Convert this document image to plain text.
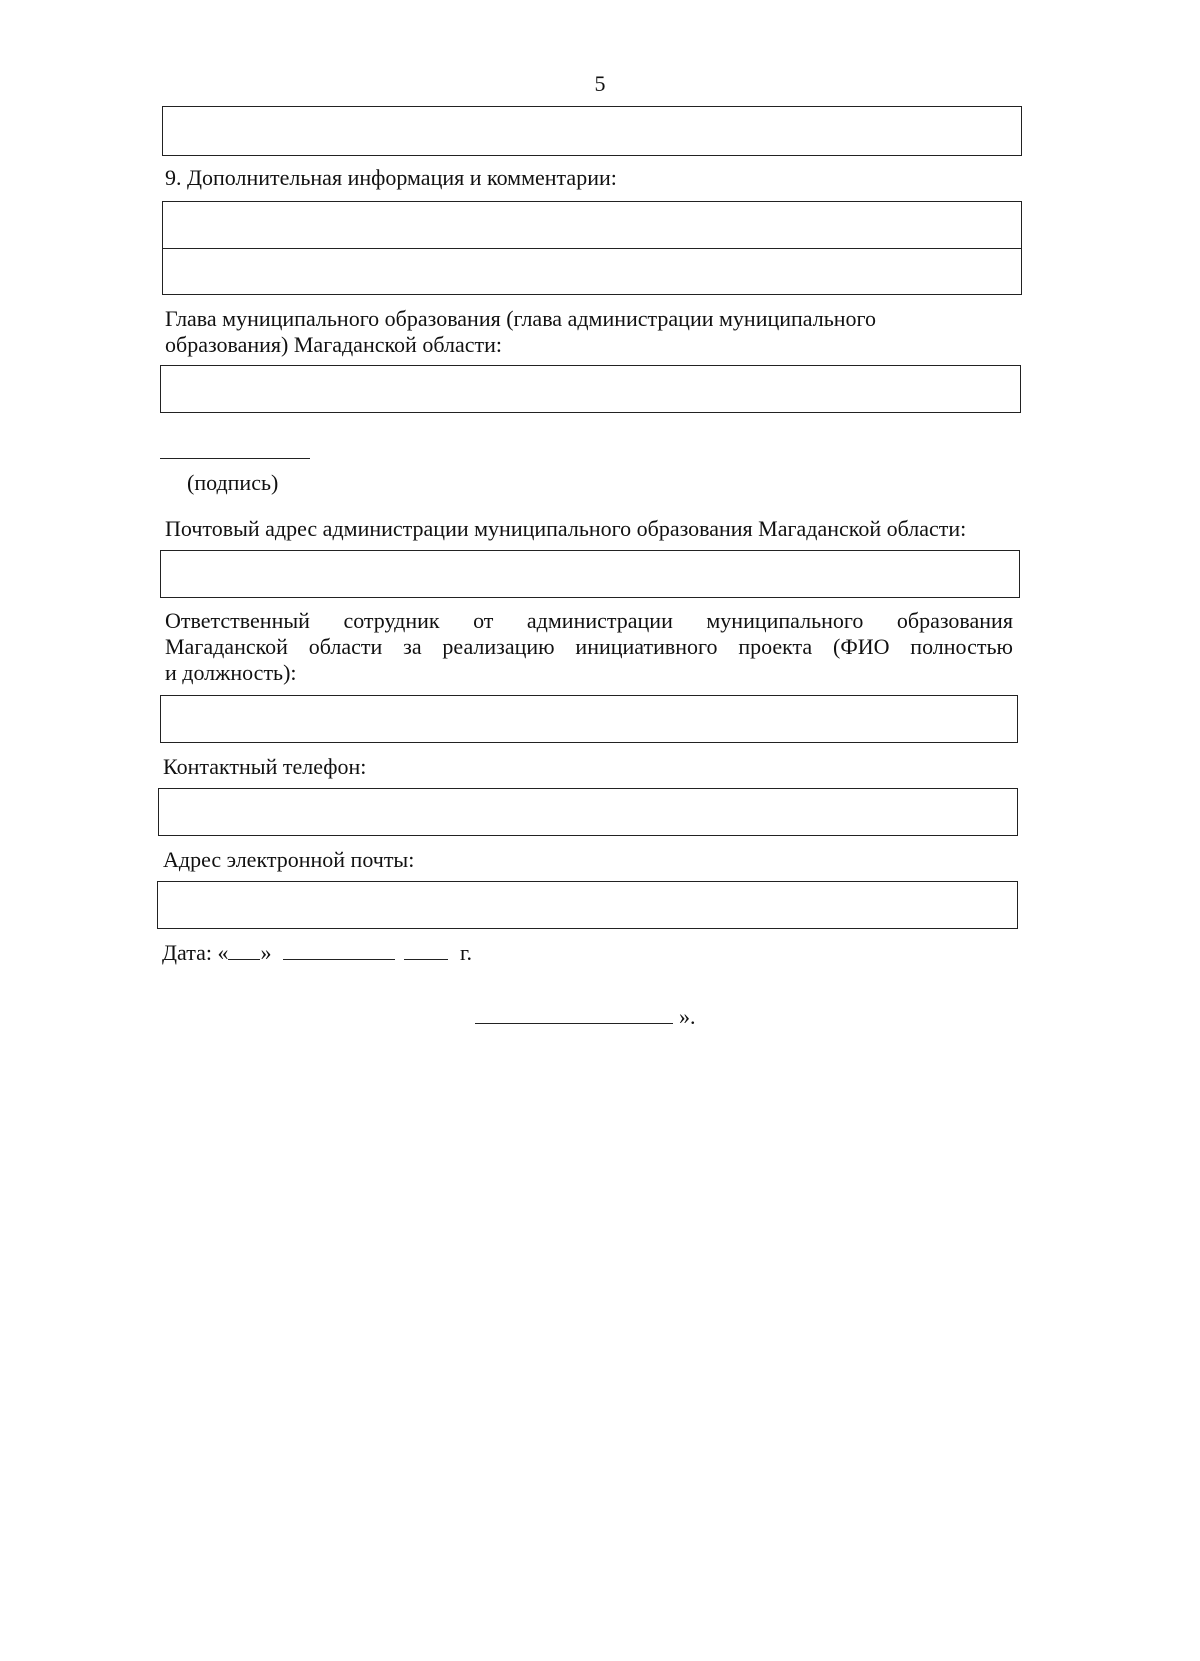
5
9. Дополнительная информация и комментарии:
Глава муниципального образования (глава администрации муниципального
образования) Магаданской области:
(подпись)
Почтовый адрес администрации муниципального образования Магаданской области:
Ответственный сотрудник от администрации муниципального образования
Магаданской области за реализацию инициативного проекта (ФИО полностью
и должность):
Контактный телефон:
Адрес электронной почты:
Дата: « »	г.
».
